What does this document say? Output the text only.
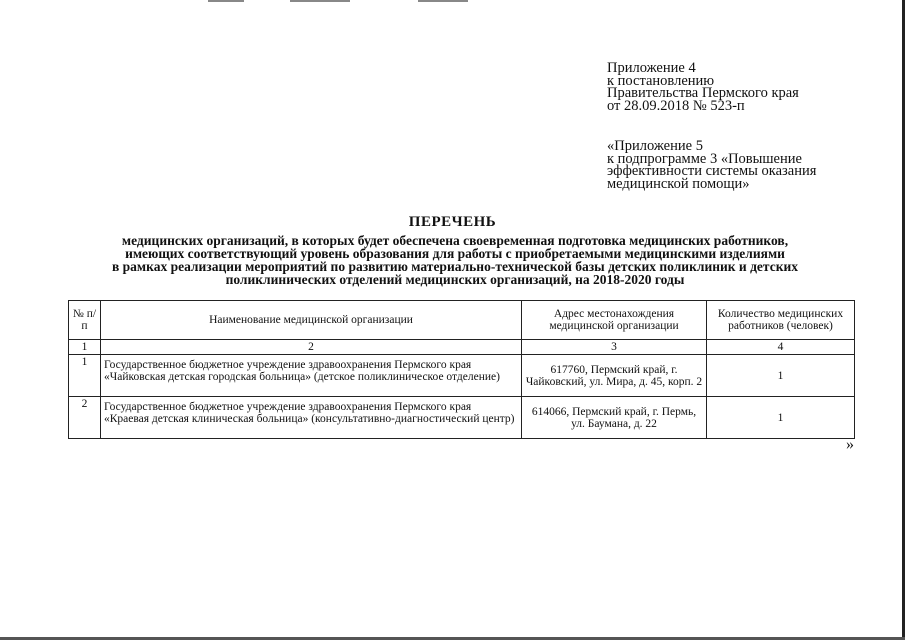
Приложение 4
к постановлению
Правительства Пермского края
от 28.09.2018 № 523-п
«Приложение 5
к подпрограмме 3 «Повышение
эффективности системы оказания
медицинской помощи»
ПЕРЕЧЕНЬ
медицинских организаций, в которых будет обеспечена своевременная подготовка медицинских работников,
имеющих соответствующий уровень образования для работы с приобретаемыми медицинскими изделиями
в рамках реализации мероприятий по развитию материально-технической базы детских поликлиник и детских
поликлинических отделений медицинских организаций, на 2018-2020 годы
№ п/п	Наименование медицинской организации	Адрес местонахождения медицинской организации	Количество медицинских работников (человек)
1	2	3	4
1	Государственное бюджетное учреждение здравоохранения Пермского края «Чайковская детская городская больница» (детское поликлиническое отделение)	617760, Пермский край, г. Чайковский, ул. Мира, д. 45, корп. 2	1
2	Государственное бюджетное учреждение здравоохранения Пермского края «Краевая детская клиническая больница» (консультативно-диагностический центр)	614066, Пермский край, г. Пермь, ул. Баумана, д. 22	1
»
